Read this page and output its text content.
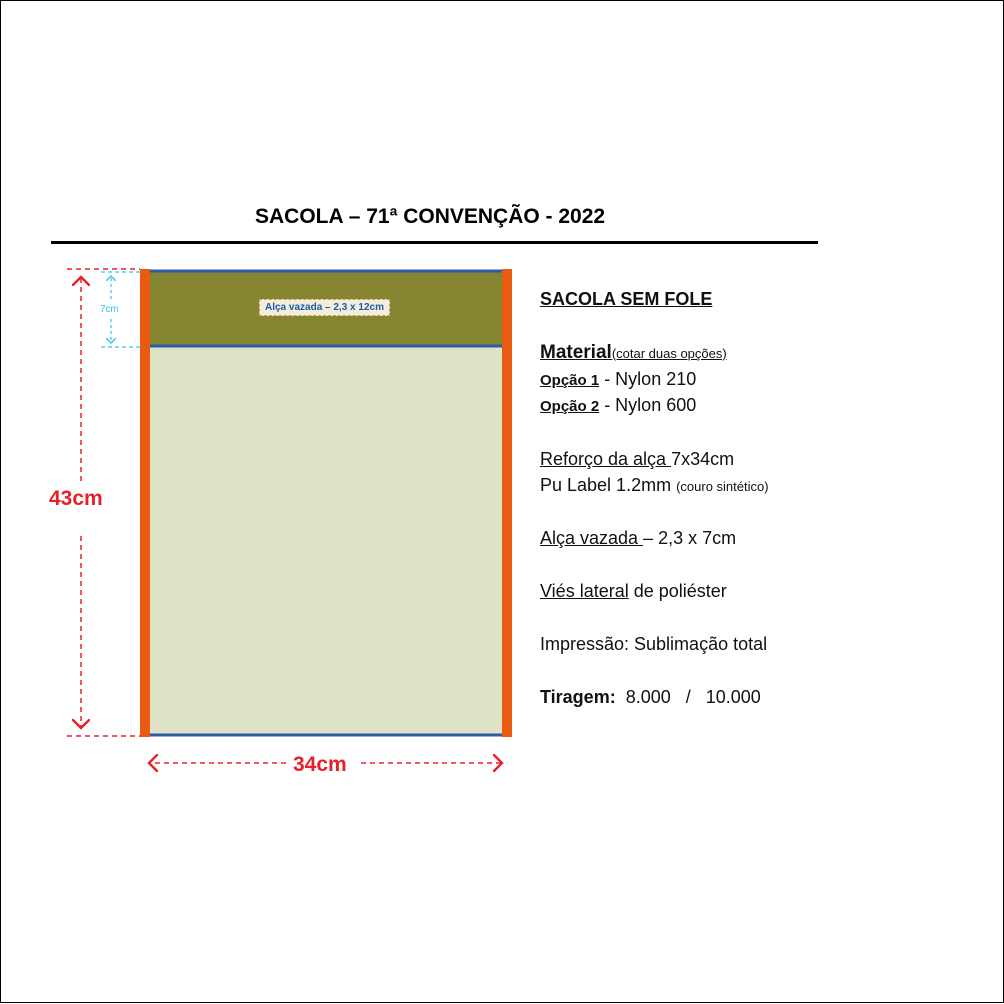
SACOLA – 71ª CONVENÇÃO - 2022
Alça vazada – 2,3 x 12cm
43cm
34cm
7cm
SACOLA SEM FOLE
Material(cotar duas opções)
Opção 1 - Nylon 210
Opção 2 - Nylon 600
Reforço da alça 7x34cm
Pu Label 1.2mm (couro sintético)
Alça vazada – 2,3 x 7cm
Viés lateral de poliéster
Impressão: Sublimação total
Tiragem:  8.000   /   10.000
